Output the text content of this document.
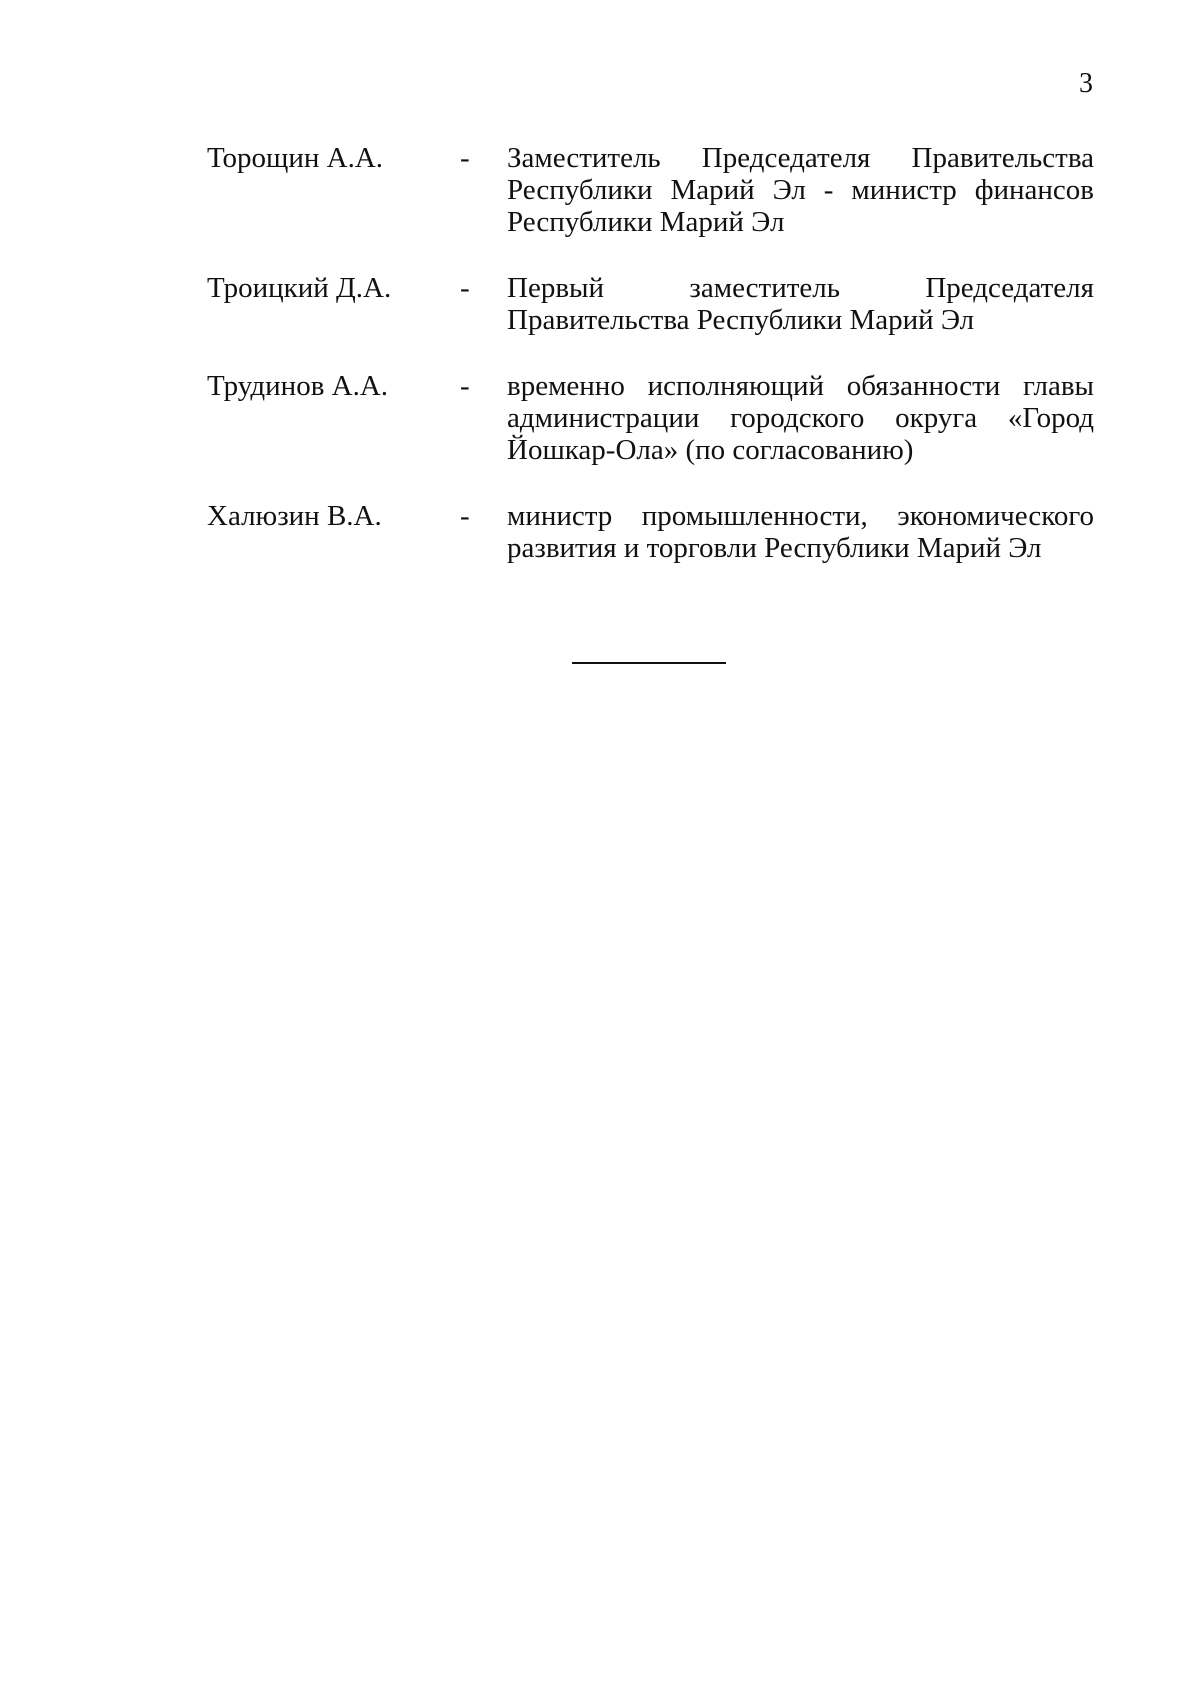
3
Торощин А.А.	-	Заместитель Председателя Правительства Республики Марий Эл - министр финансов Республики Марий Эл
Троицкий Д.А.	-	Первый заместитель Председателя Правительства Республики Марий Эл
Трудинов А.А.	-	временно исполняющий обязанности главы администрации городского округа «Город Йошкар-Ола» (по согласованию)
Халюзин В.А.	-	министр промышленности, экономического развития и торговли Республики Марий Эл
